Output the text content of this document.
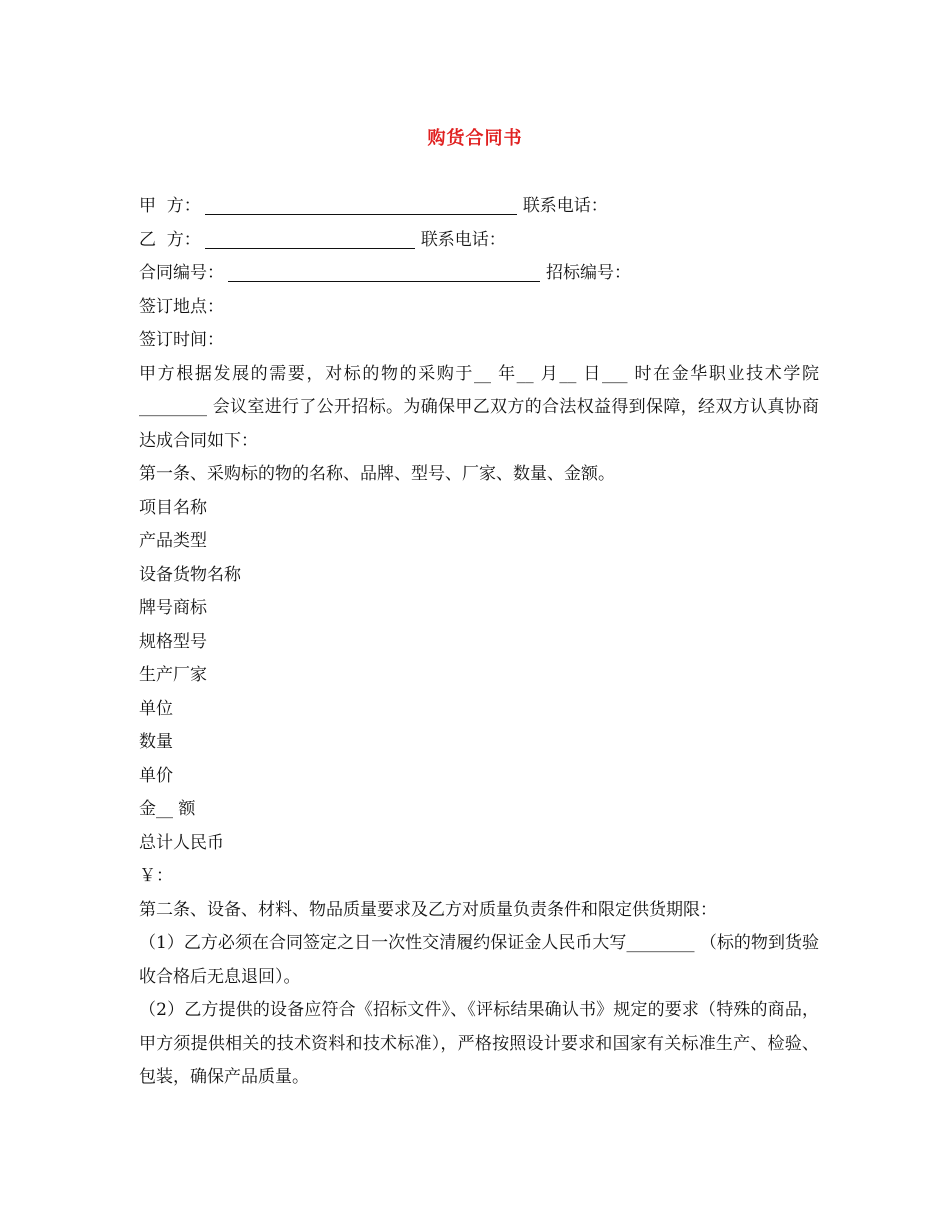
购货合同书
甲  方：	联系电话：
乙  方：	联系电话：
合同编号：	招标编号：
签订地点：
签订时间：
甲方根据发展的需要，对标的物的采购于__ 年__ 月__ 日___ 时在金华职业技术学院________ 会议室进行了公开招标。为确保甲乙双方的合法权益得到保障，经双方认真协商达成合同如下：
第一条、采购标的物的名称、品牌、型号、厂家、数量、金额。
项目名称
产品类型
设备货物名称
牌号商标
规格型号
生产厂家
单位
数量
单价
金__ 额
总计人民币
￥：
第二条、设备、材料、物品质量要求及乙方对质量负责条件和限定供货期限：
（1）乙方必须在合同签定之日一次性交清履约保证金人民币大写________ （标的物到货验收合格后无息退回）。
（2）乙方提供的设备应符合《招标文件》、《评标结果确认书》规定的要求（特殊的商品，甲方须提供相关的技术资料和技术标准），严格按照设计要求和国家有关标准生产、检验、包装，确保产品质量。
